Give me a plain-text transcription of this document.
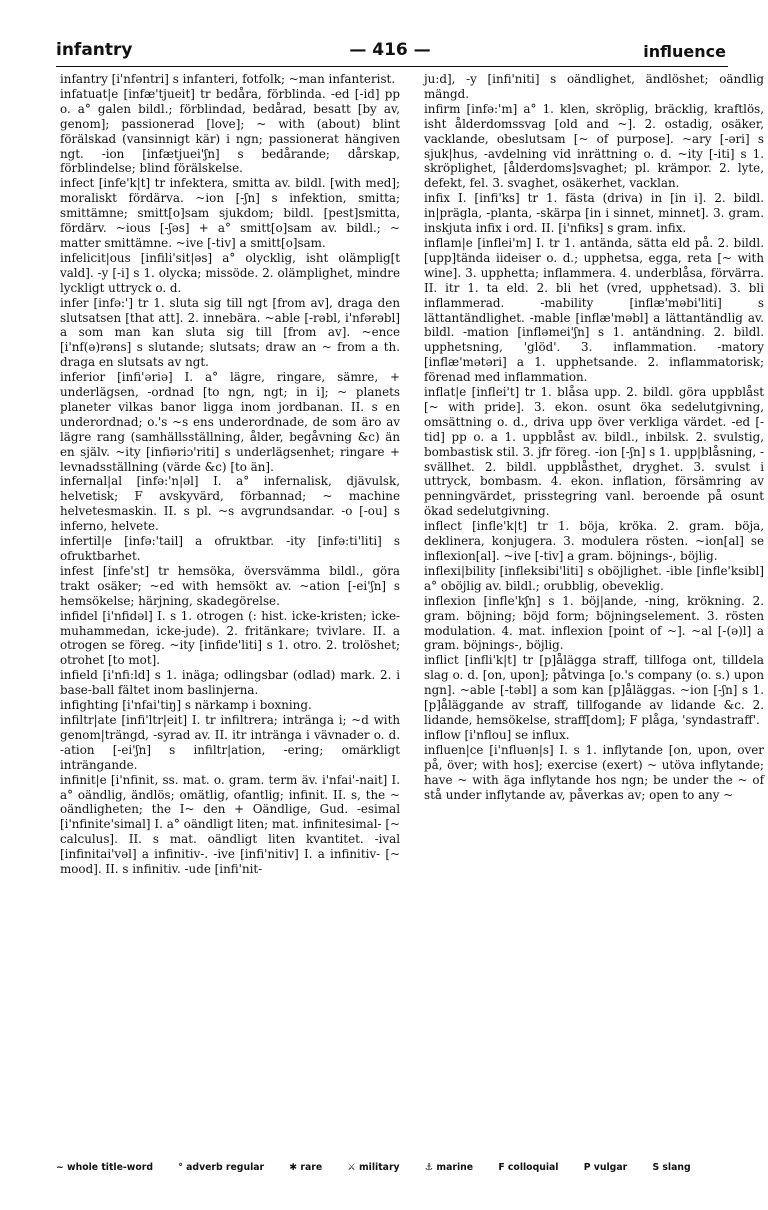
infantry	— 416 —	influence

infantry [i'nfəntri] s infanteri, fotfolk; ~man infanterist.

infatuat|e [infæ'tjueit] tr bedåra, förblinda. -ed [-id] pp o. a° galen bildl.; förblindad, bedårad, besatt [by av, genom]; passionerad [love]; ~ with (about) blint förälskad (vansinnigt kär) i ngn; passionerat hängiven ngt. -ion [infætjuei'ʃn] s bedårande; dårskap, förblindelse; blind förälskelse.

infect [infe'k|t] tr infektera, smitta av. bildl. [with med]; moraliskt fördärva. ~ion [-ʃn] s infektion, smitta; smittämne; smitt[o]sam sjukdom; bildl. [pest]smitta, fördärv. ~ious [-ʃəs] + a° smitt[o]sam av. bildl.; ~ matter smittämne. ~ive [-tiv] a smitt[o]sam.

infelicit|ous [infili'sit|əs] a° olycklig, isht olämplig[t vald]. -y [-i] s 1. olycka; missöde. 2. olämplighet, mindre lyckligt uttryck o. d.

infer [infə:'] tr 1. sluta sig till ngt [from av], draga den slutsatsen [that att]. 2. innebära. ~able [-rəbl, i'nfərəbl] a som man kan sluta sig till [from av]. ~ence [i'nf(ə)rəns] s slutande; slutsats; draw an ~ from a th. draga en slutsats av ngt.

inferior [infi'əriə] I. a° lägre, ringare, sämre, + underlägsen, -ordnad [to ngn, ngt; in i]; ~ planets planeter vilkas banor ligga inom jordbanan. II. s en underordnad; o.'s ~s ens underordnade, de som äro av lägre rang (samhällsställning, ålder, begåvning &c) än en själv. ~ity [infiəriɔ'riti] s underlägsenhet; ringare + levnadsställning (värde &c) [to än].

infernal|al [infə:'n|əl] I. a° infernalisk, djävulsk, helvetisk; F avskyvärd, förbannad; ~ machine helvetesmaskin. II. s pl. ~s avgrundsandar. -o [-ou] s inferno, helvete.

infertil|e [infə:'tail] a ofruktbar. -ity [infə:ti'liti] s ofruktbarhet.

infest [infe'st] tr hemsöka, översvämma bildl., göra trakt osäker; ~ed with hemsökt av. ~ation [-ei'ʃn] s hemsökelse; härjning, skadegörelse.

infidel [i'nfidəl] I. s 1. otrogen (: hist. icke-kristen; icke-muhammedan, icke-jude). 2. fritänkare; tvivlare. II. a otrogen se föreg. ~ity [infide'liti] s 1. otro. 2. trolöshet; otrohet [to mot].

infield [i'nfi:ld] s 1. inäga; odlingsbar (odlad) mark. 2. i base-ball fältet inom baslinjerna.

infighting [i'nfai'tiŋ] s närkamp i boxning.

infiltr|ate [infi'ltr|eit] I. tr infiltrera; intränga i; ~d with genom|trängd, -syrad av. II. itr intränga i vävnader o. d. -ation [-ei'ʃn] s infiltr|ation, -ering; omärkligt inträngande.

infinit|e [i'nfinit, ss. mat. o. gram. term äv. i'nfai'-nait] I. a° oändlig, ändlös; omätlig, ofantlig; infinit. II. s, the ~ oändligheten; the I~ den + Oändlige, Gud. -esimal [i'nfinite'simal] I. a° oändligt liten; mat. infinitesimal- [~ calculus]. II. s mat. oändligt liten kvantitet. -ival [infinitai'vəl] a infinitiv-. -ive [infi'nitiv] I. a infinitiv- [~ mood]. II. s infinitiv. -ude [infi'nit-

ju:d], -y [infi'niti] s oändlighet, ändlöshet; oändlig mängd.

infirm [infə:'m] a° 1. klen, skröplig, bräcklig, kraftlös, isht ålderdomssvag [old and ~]. 2. ostadig, osäker, vacklande, obeslutsam [~ of purpose]. ~ary [-əri] s sjuk|hus, -avdelning vid inrättning o. d. ~ity [-iti] s 1. skröplighet, [ålderdoms]svaghet; pl. krämpor. 2. lyte, defekt, fel. 3. svaghet, osäkerhet, vacklan.

infix I. [infi'ks] tr 1. fästa (driva) in [in i]. 2. bildl. in|prägla, -planta, -skärpa [in i sinnet, minnet]. 3. gram. inskjuta infix i ord. II. [i'nfiks] s gram. infix.

inflam|e [inflei'm] I. tr 1. antända, sätta eld på. 2. bildl. [upp]tända iideiser o. d.; upphetsa, egga, reta [~ with wine]. 3. upphetta; inflammera. 4. underblåsa, förvärra. II. itr 1. ta eld. 2. bli het (vred, upphetsad). 3. bli inflammerad. -mability [inflæ'məbi'liti] s lättantändlighet. -mable [inflæ'məbl] a lättantändlig av. bildl. -mation [infləmei'ʃn] s 1. antändning. 2. bildl. upphetsning, 'glöd'. 3. inflammation. -matory [inflæ'mətəri] a 1. upphetsande. 2. inflammatorisk; förenad med inflammation.

inflat|e [inflei't] tr 1. blåsa upp. 2. bildl. göra uppblåst [~ with pride]. 3. ekon. osunt öka sedelutgivning, omsättning o. d., driva upp över verkliga värdet. -ed [-tid] pp o. a 1. uppblåst av. bildl., inbilsk. 2. svulstig, bombastisk stil. 3. jfr föreg. -ion [-ʃn] s 1. upp|blåsning, -svällhet. 2. bildl. uppblåsthet, dryghet. 3. svulst i uttryck, bombasm. 4. ekon. inflation, försämring av penningvärdet, prisstegring vanl. beroende på osunt ökad sedelutgivning.

inflect [infle'k|t] tr 1. böja, kröka. 2. gram. böja, deklinera, konjugera. 3. modulera rösten. ~ion[al] se inflexion[al]. ~ive [-tiv] a gram. böjnings-, böjlig.

inflexi|bility [infleksibi'liti] s oböjlighet. -ible [infle'ksibl] a° oböjlig av. bildl.; orubblig, obeveklig.

inflexion [infle'kʃn] s 1. böj|ande, -ning, krökning. 2. gram. böjning; böjd form; böjningselement. 3. rösten modulation. 4. mat. inflexion [point of ~]. ~al [-(ə)l] a gram. böjnings-, böjlig.

inflict [infli'k|t] tr [p]ålägga straff, tillfoga ont, tilldela slag o. d. [on, upon]; påtvinga [o.'s company (o. s.) upon ngn]. ~able [-təbl] a som kan [p]åläggas. ~ion [-ʃn] s 1. [p]åläggande av straff, tillfogande av lidande &c. 2. lidande, hemsökelse, straff[dom]; F plåga, 'syndastraff'.

inflow [i'nflou] se influx.

influen|ce [i'nfluən|s] I. s 1. inflytande [on, upon, over på, över; with hos]; exercise (exert) ~ utöva inflytande; have ~ with äga inflytande hos ngn; be under the ~ of stå under inflytande av, påverkas av; open to any ~

~ whole title-word	° adverb regular	✱ rare	⚔ military	⚓ marine	F colloquial	P vulgar	S slang
